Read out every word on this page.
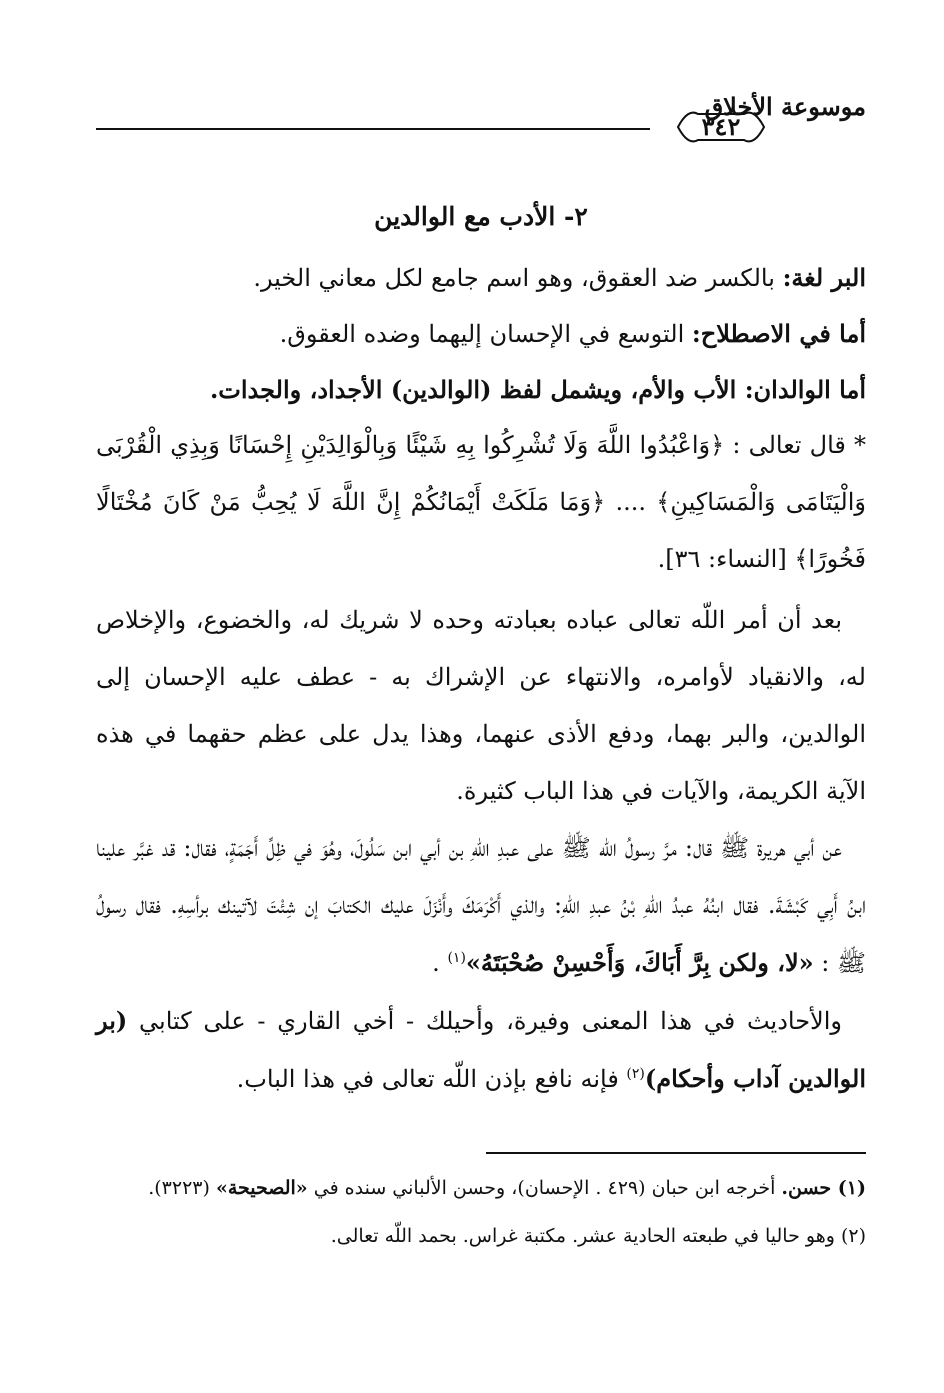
موسوعة الأخلاق
٣٤٢
٢- الأدب مع الوالدين

البر لغة: بالكسر ضد العقوق، وهو اسم جامع لكل معاني الخير.

أما في الاصطلاح: التوسع في الإحسان إليهما وضده العقوق.

أما الوالدان: الأب والأم، ويشمل لفظ (الوالدين) الأجداد، والجدات.

* قال تعالى : ﴿وَاعْبُدُوا اللَّهَ وَلَا تُشْرِكُوا بِهِ شَيْئًا وَبِالْوَالِدَيْنِ إِحْسَانًا وَبِذِي الْقُرْبَى وَالْيَتَامَى وَالْمَسَاكِينِ﴾ .... ﴿وَمَا مَلَكَتْ أَيْمَانُكُمْ إِنَّ اللَّهَ لَا يُحِبُّ مَنْ كَانَ مُخْتَالًا فَخُورًا﴾ [النساء: ٣٦].

بعد أن أمر اللّه تعالى عباده بعبادته وحده لا شريك له، والخضوع، والإخلاص له، والانقياد لأوامره، والانتهاء عن الإشراك به - عطف عليه الإحسان إلى الوالدين، والبر بهما، ودفع الأذى عنهما، وهذا يدل على عظم حقهما في هذه الآية الكريمة، والآيات في هذا الباب كثيرة.

عن أبي هريرة ﷺ قال: مرَّ رسولُ اللّه ﷺ على عبدِ اللهِ بن أبي ابن سَلُولَ، وهُوَ في ظِلِّ أَجَمَةٍ، فقال: قد غبَّر علينا ابنُ أَبِي كَبْشَةَ. فقال ابنُهُ عبدُ اللهِ بْنُ عبدِ اللهِ: والذي أَكْرَمَكَ وأَنْزَلَ عليك الكتابَ إن شِئْتَ لآتينك برأسِهِ. فقال رسولُ ﷺ : «لا، ولكن بِرَّ أَبَاكَ، وَأَحْسِنْ صُحْبَتَهُ»$^{(١)}$ .

والأحاديث في هذا المعنى وفيرة، وأحيلك - أخي القاري - على كتابي (بر الوالدين آداب وأحكام)$^{(٢)}$ فإنه نافع بإذن اللّه تعالى في هذا الباب.

(١) حسن. أخرجه ابن حبان (٤٢٩ . الإحسان)، وحسن الألباني سنده في «الصحيحة» (٣٢٢٣).

(٢) وهو حاليا في طبعته الحادية عشر. مكتبة غراس. بحمد اللّه تعالى.
